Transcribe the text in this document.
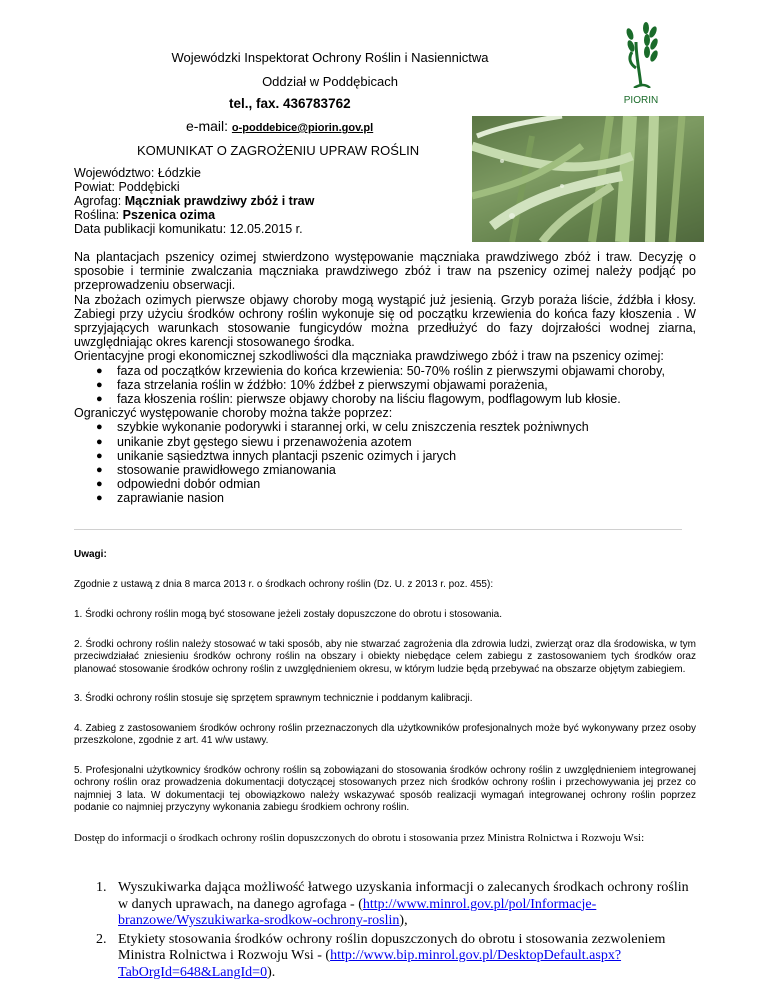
Wojewódzki Inspektorat Ochrony Roślin i Nasiennictwa
Oddział w Poddębicach
tel., fax. 436783762
e-mail: o-poddebice@piorin.gov.pl
PIORIN
KOMUNIKAT O ZAGROŻENIU UPRAW ROŚLIN
Województwo: Łódzkie
Powiat: Poddębicki
Agrofag: Mączniak prawdziwy zbóż i traw
Roślina: Pszenica ozima
Data publikacji komunikatu: 12.05.2015 r.

Na plantacjach pszenicy ozimej stwierdzono występowanie mączniaka prawdziwego zbóż i traw. Decyzję o sposobie i terminie zwalczania mączniaka prawdziwego zbóż i traw na pszenicy ozimej należy podjąć po przeprowadzeniu obserwacji.

Na zbożach ozimych pierwsze objawy choroby mogą wystąpić już jesienią. Grzyb poraża liście, źdźbła i kłosy. Zabiegi przy użyciu środków ochrony roślin wykonuje się od początku krzewienia do końca fazy kłoszenia . W sprzyjających warunkach stosowanie fungicydów można przedłużyć do fazy dojrzałości wodnej ziarna, uwzględniając okres karencji stosowanego środka.

Orientacyjne progi ekonomicznej szkodliwości dla mączniaka prawdziwego zbóż i traw na pszenicy ozimej:

● faza od początków krzewienia do końca krzewienia: 50-70% roślin z pierwszymi objawami choroby,
● faza strzelania roślin w źdźbło: 10% źdźbeł z pierwszymi objawami porażenia,
● faza kłoszenia roślin: pierwsze objawy choroby na liściu flagowym, podflagowym lub kłosie.

Ograniczyć występowanie choroby można także poprzez:

● szybkie wykonanie podorywki i starannej orki, w celu zniszczenia resztek pożniwnych
● unikanie zbyt gęstego siewu i przenawożenia azotem
● unikanie sąsiedztwa innych plantacji pszenic ozimych i jarych
● stosowanie prawidłowego zmianowania
● odpowiedni dobór odmian
● zaprawianie nasion

Uwagi:

Zgodnie z ustawą z dnia 8 marca 2013 r. o środkach ochrony roślin (Dz. U. z 2013 r. poz. 455):

1. Środki ochrony roślin mogą być stosowane jeżeli zostały dopuszczone do obrotu i stosowania.

2. Środki ochrony roślin należy stosować w taki sposób, aby nie stwarzać zagrożenia dla zdrowia ludzi, zwierząt oraz dla środowiska, w tym przeciwdziałać zniesieniu środków ochrony roślin na obszary i obiekty niebędące celem zabiegu z zastosowaniem tych środków oraz planować stosowanie środków ochrony roślin z uwzględnieniem okresu, w którym ludzie będą przebywać na obszarze objętym zabiegiem.

3. Środki ochrony roślin stosuje się sprzętem sprawnym technicznie i poddanym kalibracji.

4. Zabieg z zastosowaniem środków ochrony roślin przeznaczonych dla użytkowników profesjonalnych może być wykonywany przez osoby przeszkolone, zgodnie z art. 41 w/w ustawy.

5. Profesjonalni użytkownicy środków ochrony roślin są zobowiązani do stosowania środków ochrony roślin z uwzględnieniem integrowanej ochrony roślin oraz prowadzenia dokumentacji dotyczącej stosowanych przez nich środków ochrony roślin i przechowywania jej przez co najmniej 3 lata. W dokumentacji tej obowiązkowo należy wskazywać sposób realizacji wymagań integrowanej ochrony roślin poprzez podanie co najmniej przyczyny wykonania zabiegu środkiem ochrony roślin.

Dostęp do informacji o środkach ochrony roślin dopuszczonych do obrotu i stosowania przez Ministra Rolnictwa i Rozwoju Wsi:

1. Wyszukiwarka dająca możliwość łatwego uzyskania informacji o zalecanych środkach ochrony roślin w danych uprawach, na danego agrofaga - (http://www.minrol.gov.pl/pol/Informacje-branzowe/Wyszukiwarka-srodkow-ochrony-roslin),
2. Etykiety stosowania środków ochrony roślin dopuszczonych do obrotu i stosowania zezwoleniem Ministra Rolnictwa i Rozwoju Wsi - (http://www.bip.minrol.gov.pl/DesktopDefault.aspx?TabOrgId=648&LangId=0).
